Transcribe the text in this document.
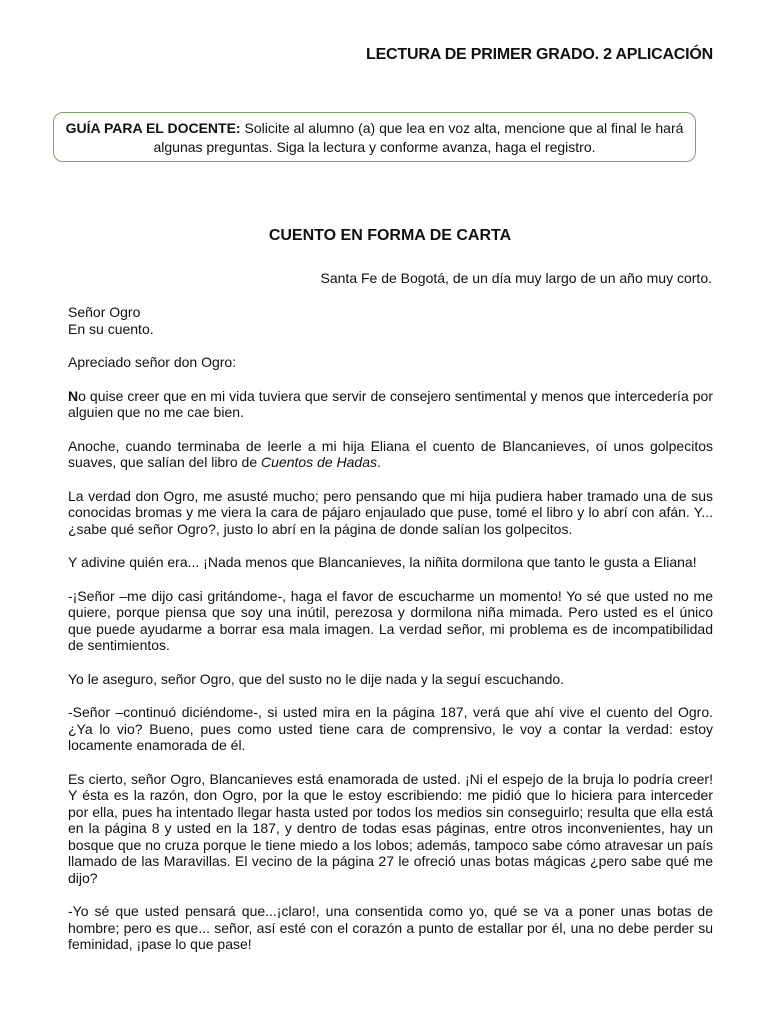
LECTURA DE PRIMER GRADO. 2 APLICACIÓN
GUÍA PARA EL DOCENTE: Solicite al alumno (a) que lea en voz alta, mencione que al final le hará algunas preguntas. Siga la lectura y conforme avanza, haga el registro.
CUENTO EN FORMA DE CARTA
Santa Fe de Bogotá, de un día muy largo de un año muy corto.

Señor Ogro

En su cuento.

Apreciado señor don Ogro:

No quise creer que en mi vida tuviera que servir de consejero sentimental y menos que intercedería por alguien que no me cae bien.

Anoche, cuando terminaba de leerle a mi hija Eliana el cuento de Blancanieves, oí unos golpecitos suaves, que salían del libro de Cuentos de Hadas.

La verdad don Ogro, me asusté mucho; pero pensando que mi hija pudiera haber tramado una de sus conocidas bromas y me viera la cara de pájaro enjaulado que puse, tomé el libro y lo abrí con afán. Y... ¿sabe qué señor Ogro?, justo lo abrí en la página de donde salían los golpecitos.

Y adivine quién era... ¡Nada menos que Blancanieves, la niñita dormilona que tanto le gusta a Eliana!

-¡Señor –me dijo casi gritándome-, haga el favor de escucharme un momento! Yo sé que usted no me quiere, porque piensa que soy una inútil, perezosa y dormilona niña mimada. Pero usted es el único que puede ayudarme a borrar esa mala imagen. La verdad señor, mi problema es de incompatibilidad de sentimientos.

Yo le aseguro, señor Ogro, que del susto no le dije nada y la seguí escuchando.

-Señor –continuó diciéndome-, si usted mira en la página 187, verá que ahí vive el cuento del Ogro. ¿Ya lo vio? Bueno, pues como usted tiene cara de comprensivo, le voy a contar la verdad: estoy locamente enamorada de él.

Es cierto, señor Ogro, Blancanieves está enamorada de usted. ¡Ni el espejo de la bruja lo podría creer! Y ésta es la razón, don Ogro, por la que le estoy escribiendo: me pidió que lo hiciera para interceder por ella, pues ha intentado llegar hasta usted por todos los medios sin conseguirlo; resulta que ella está en la página 8 y usted en la 187, y dentro de todas esas páginas, entre otros inconvenientes, hay un bosque que no cruza porque le tiene miedo a los lobos; además, tampoco sabe cómo atravesar un país llamado de las Maravillas. El vecino de la página 27 le ofreció unas botas mágicas ¿pero sabe qué me dijo?

-Yo sé que usted pensará que...¡claro!, una consentida como yo, qué se va a poner unas botas de hombre; pero es que... señor, así esté con el corazón a punto de estallar por él, una no debe perder su feminidad, ¡pase lo que pase!
